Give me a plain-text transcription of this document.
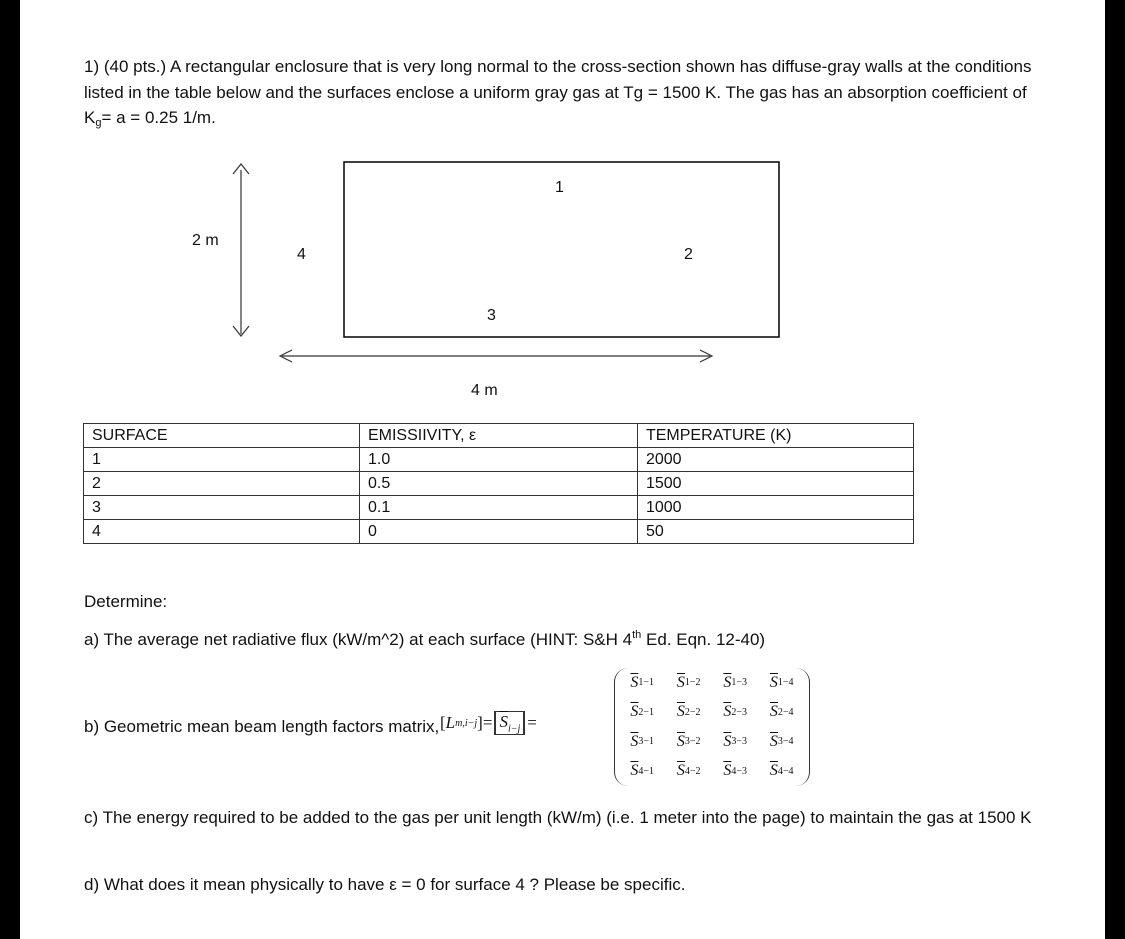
1) (40 pts.) A rectangular enclosure that is very long normal to the cross-section shown has diffuse-gray walls at the conditions listed in the table below and the surfaces enclose a uniform gray gas at Tg = 1500 K. The gas has an absorption coefficient of $K_g= a = 0.25$ 1/m.
1
2
3
4
2 m
4 m
SURFACE	EMISSIIVITY, ε	TEMPERATURE (K)
1	1.0	2000
2	0.5	1500
3	0.1	1000
4	0	50
Determine:
a) The average net radiative flux (kW/m^2) at each surface (HINT: S&H 4th Ed. Eqn. 12-40)
b) Geometric mean beam length factors matrix, [ L m,i−j ] = $\overline{S}_{i-j}$ =
$\overline{S}$ 1−1 $\overline{S}$ 1−2 $\overline{S}$ 1−3 $\overline{S}$ 1−4
$\overline{S}$ 2−1 $\overline{S}$ 2−2 $\overline{S}$ 2−3 $\overline{S}$ 2−4
$\overline{S}$ 3−1 $\overline{S}$ 3−2 $\overline{S}$ 3−3 $\overline{S}$ 3−4
$\overline{S}$ 4−1 $\overline{S}$ 4−2 $\overline{S}$ 4−3 $\overline{S}$ 4−4
c) The energy required to be added to the gas per unit length (kW/m) (i.e. 1 meter into the page) to maintain the gas at 1500 K
d) What does it mean physically to have ε = 0 for surface 4 ? Please be specific.
